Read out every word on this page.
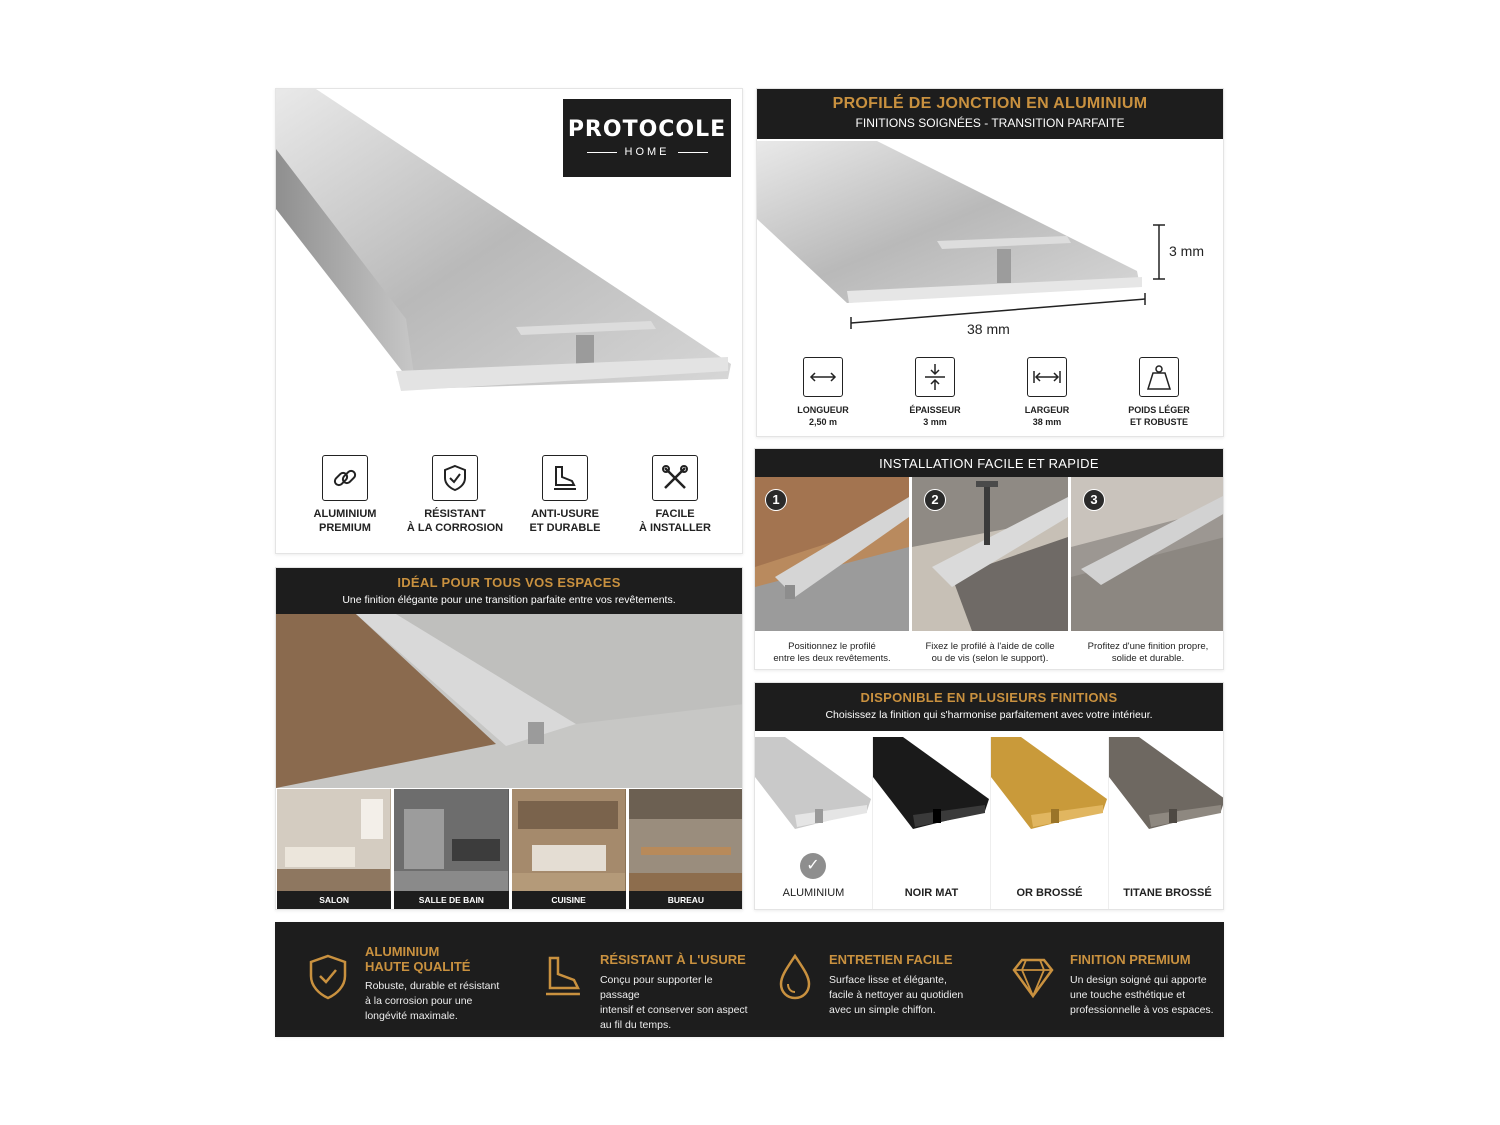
PROTOCOLE
HOME
ALUMINIUM
PREMIUM
RÉSISTANT
À LA CORROSION
ANTI-USURE
ET DURABLE
FACILE
À INSTALLER
PROFILÉ DE JONCTION EN ALUMINIUM
FINITIONS SOIGNÉES - TRANSITION PARFAITE
3 mm
38 mm
LONGUEUR
2,50 m
ÉPAISSEUR
3 mm
LARGEUR
38 mm
POIDS LÉGER
ET ROBUSTE
INSTALLATION FACILE ET RAPIDE
1
Positionnez le profilé
entre les deux revêtements.
2
Fixez le profilé à l'aide de colle
ou de vis (selon le support).
3
Profitez d'une finition propre,
solide et durable.
IDÉAL POUR TOUS VOS ESPACES
Une finition élégante pour une transition parfaite entre vos revêtements.
SALON	SALLE DE BAIN	CUISINE	BUREAU
DISPONIBLE EN PLUSIEURS FINITIONS
Choisissez la finition qui s'harmonise parfaitement avec votre intérieur.
✓
ALUMINIUM	NOIR MAT	OR BROSSÉ	TITANE BROSSÉ
ALUMINIUM
HAUTE QUALITÉ
Robuste, durable et résistant
à la corrosion pour une
longévité maximale.
RÉSISTANT À L'USURE
Conçu pour supporter le passage
intensif et conserver son aspect
au fil du temps.
ENTRETIEN FACILE
Surface lisse et élégante,
facile à nettoyer au quotidien
avec un simple chiffon.
FINITION PREMIUM
Un design soigné qui apporte
une touche esthétique et
professionnelle à vos espaces.
